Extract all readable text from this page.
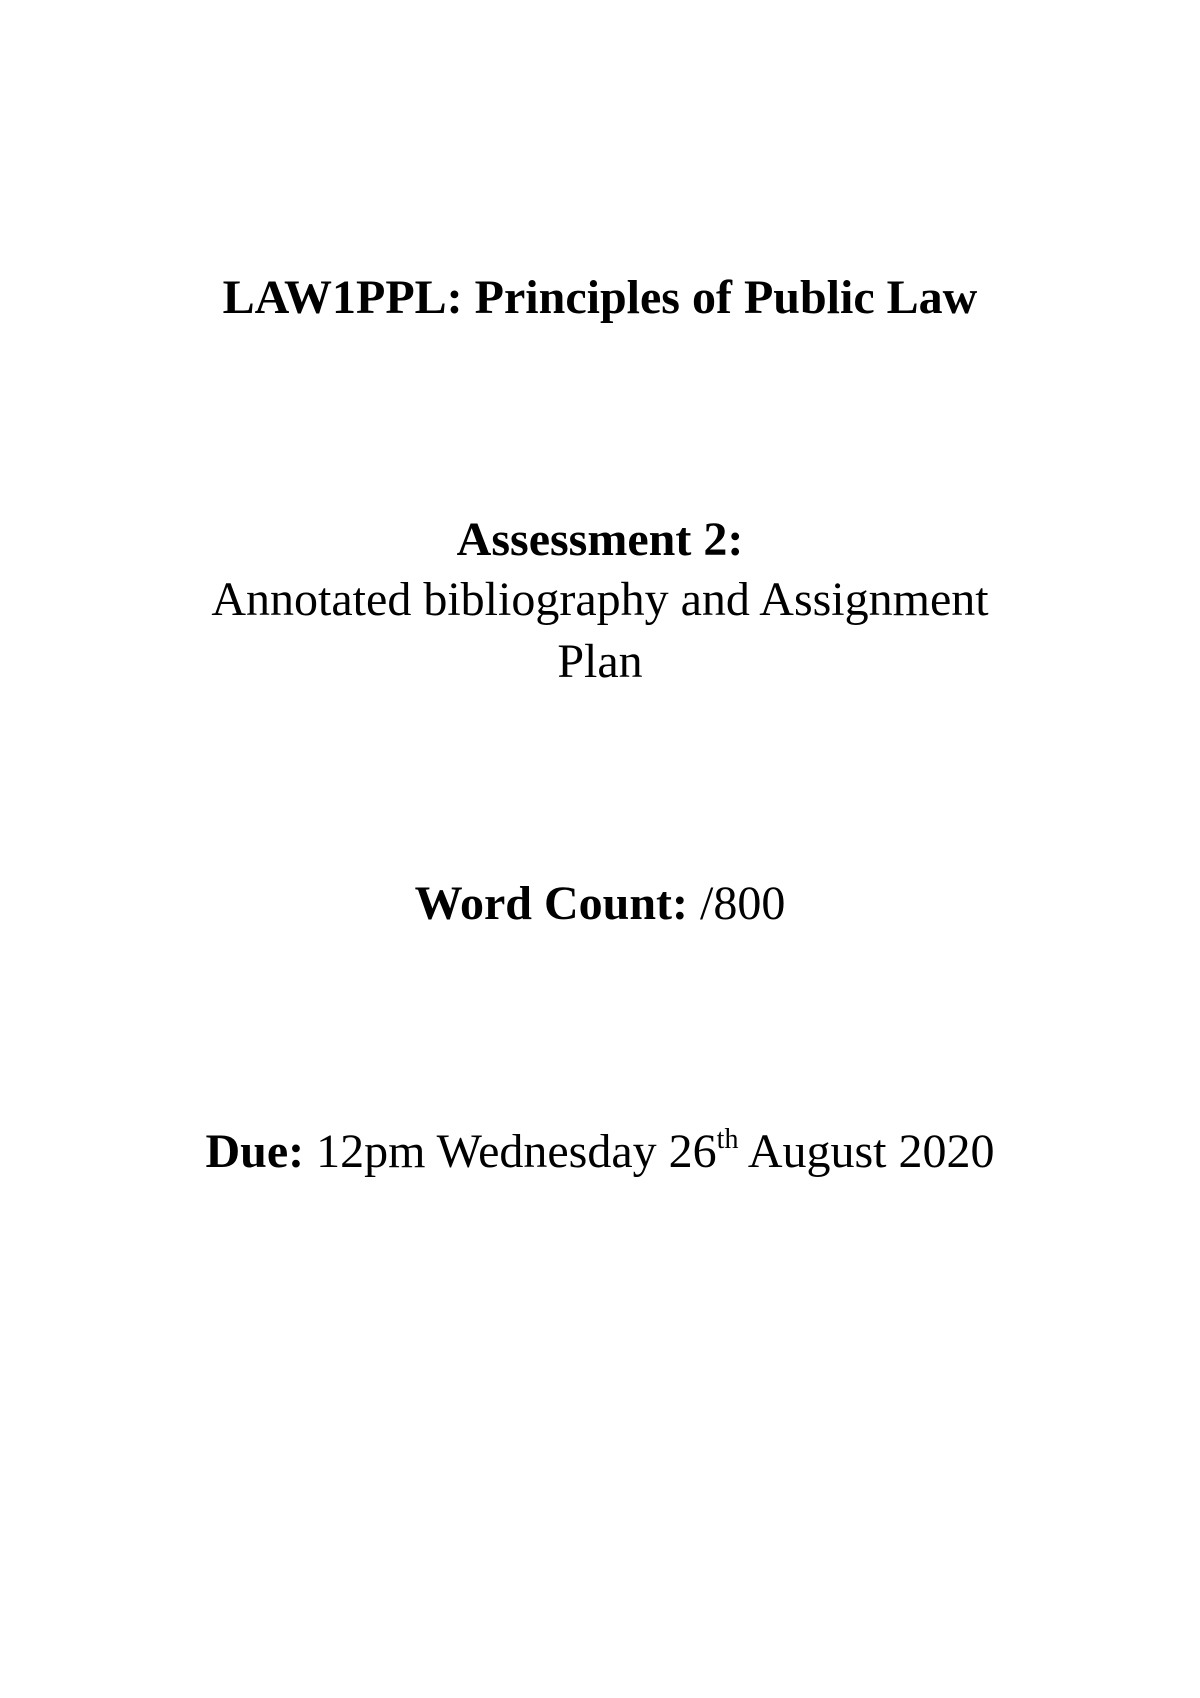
LAW1PPL: Principles of Public Law
Assessment 2:
Annotated bibliography and Assignment
Plan
Word Count: /800
Due: 12pm Wednesday 26th August 2020
